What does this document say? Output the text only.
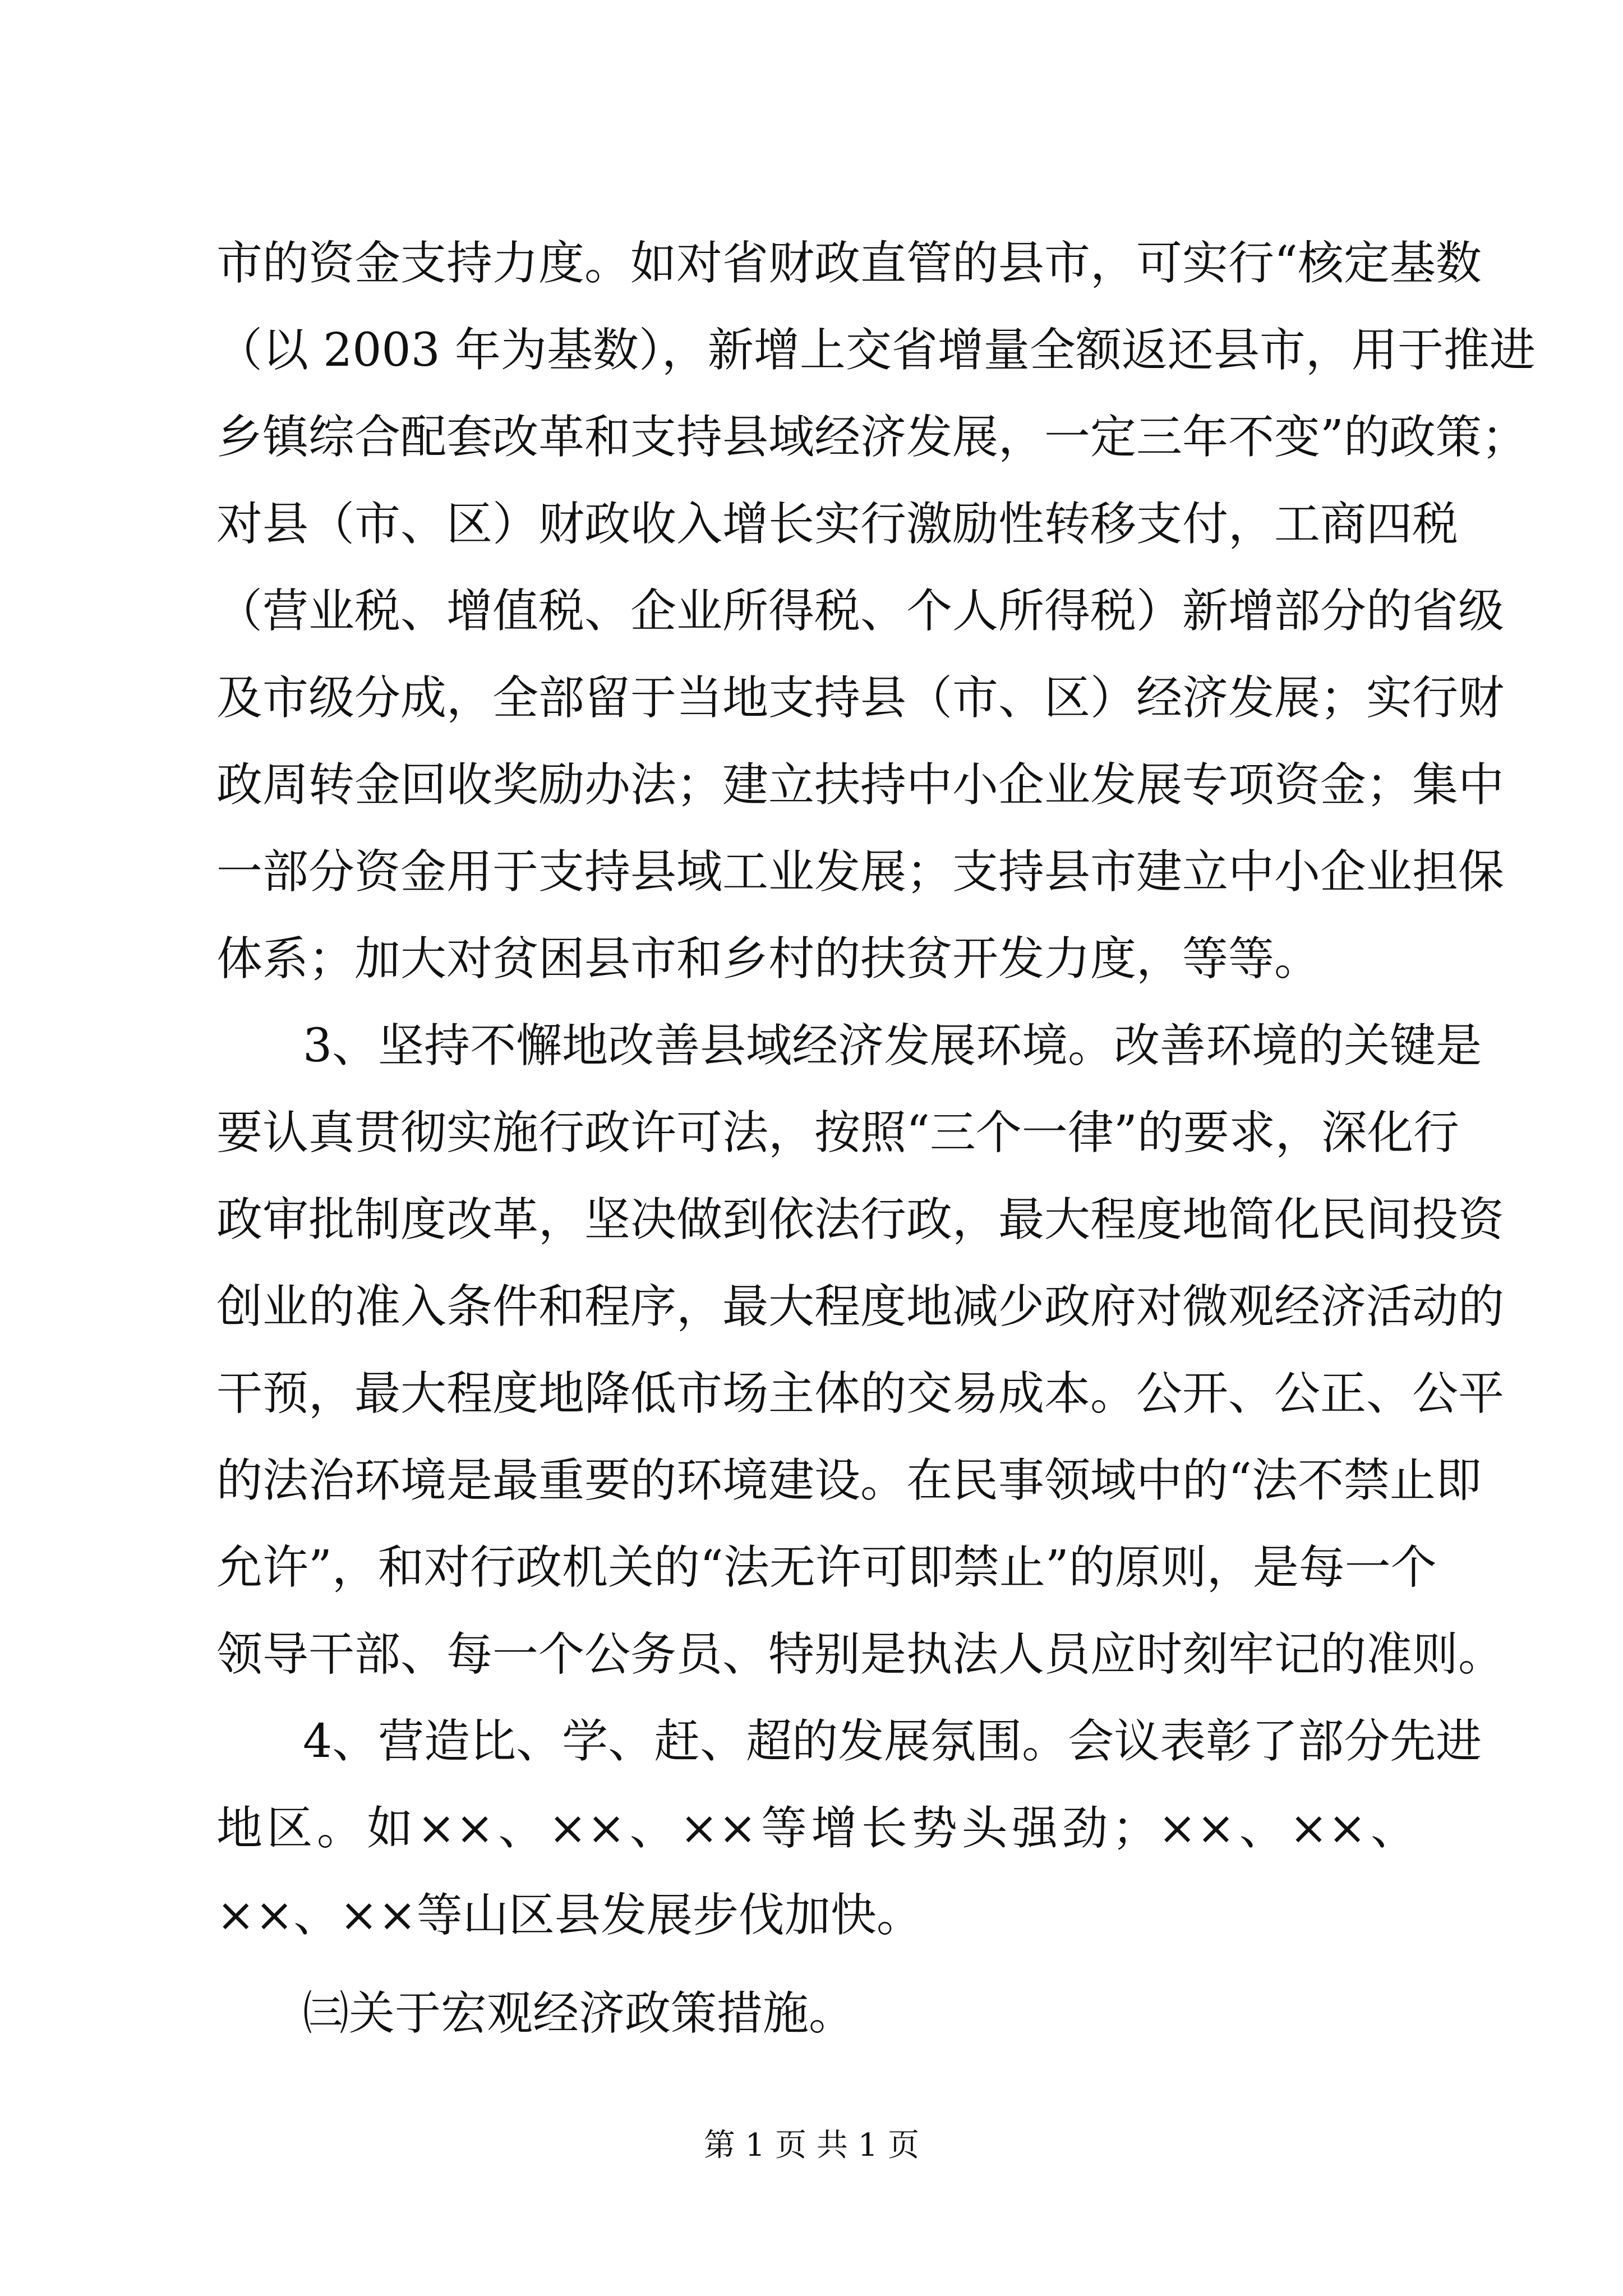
市的资金支持力度。如对省财政直管的县市，可实行“核定基数
（以 2003 年为基数），新增上交省增量全额返还县市，用于推进
乡镇综合配套改革和支持县域经济发展，一定三年不变”的政策；
对县（市、区）财政收入增长实行激励性转移支付，工商四税
（营业税、增值税、企业所得税、个人所得税）新增部分的省级
及市级分成，全部留于当地支持县（市、区）经济发展；实行财
政周转金回收奖励办法；建立扶持中小企业发展专项资金；集中
一部分资金用于支持县域工业发展；支持县市建立中小企业担保
体系；加大对贫困县市和乡村的扶贫开发力度，等等。
3、坚持不懈地改善县域经济发展环境。改善环境的关键是
要认真贯彻实施行政许可法，按照“三个一律”的要求，深化行
政审批制度改革，坚决做到依法行政，最大程度地简化民间投资
创业的准入条件和程序，最大程度地减少政府对微观经济活动的
干预，最大程度地降低市场主体的交易成本。公开、公正、公平
的法治环境是最重要的环境建设。在民事领域中的“法不禁止即
允许”，和对行政机关的“法无许可即禁止”的原则，是每一个
领导干部、每一个公务员、特别是执法人员应时刻牢记的准则。
4、营造比、学、赶、超的发展氛围。会议表彰了部分先进
地区。如××、××、××等增长势头强劲；××、××、
××、××等山区县发展步伐加快。
第 1 页 共 1 页
㈢关于宏观经济政策措施。
